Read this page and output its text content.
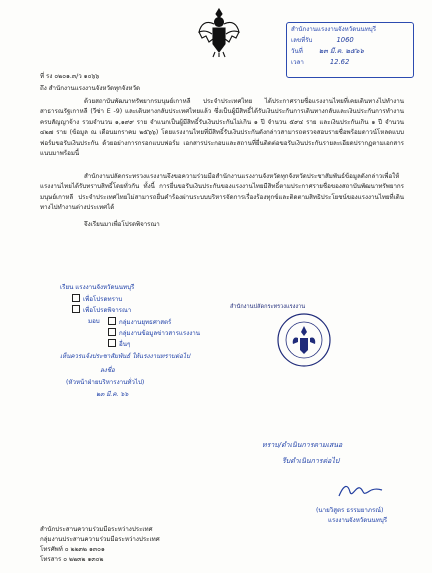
สำนักงานแรงงานจังหวัดนนทบุรี
เลขที่รับ	1060
วันที่ ๒๓ มี.ค. ๒๕๖๖
เวลา	12.62
ที่ รง ๐๒๐๑.๓/ว ๑๐๖๖
ถึง สำนักงานแรงงานจังหวัดทุกจังหวัด
ด้วยสถาบันพัฒนาทรัพยากรมนุษย์เกาหลี ประจำประเทศไทย ได้ประกาศรายชื่อแรงงานไทยที่เคยเดินทางไปทำงานสาธารณรัฐเกาหลี (วีซ่า E -9) และเดินทางกลับประเทศไทยแล้ว ซึ่งเป็นผู้มีสิทธิ์ได้รับเงินประกันการเดินทางกลับและเงินประกันการทำงานครบสัญญาจ้าง รวมจำนวน ๑,๑๙๙ ราย จำแนกเป็นผู้มีสิทธิ์รับเงินประกันไม่เกิน ๑ ปี จำนวน ๕๙๔ ราย และเงินประกันเกิน ๑ ปี จำนวน ๔๒๗ ราย (ข้อมูล ณ เดือนมกราคม ๒๕๖๖) โดยแรงงานไทยที่มีสิทธิ์รับเงินประกันดังกล่าวสามารถตรวจสอบรายชื่อพร้อมดาวน์โหลดแบบฟอร์มขอรับเงินประกัน ด้วยอย่างการกรอกแบบฟอร์ม เอกสารประกอบและสถานที่ยื่นติดต่อขอรับเงินประกันรายละเอียดปรากฏตามเอกสารแนบมาพร้อมนี้
สำนักงานปลัดกระทรวงแรงงานจึงขอความร่วมมือสำนักงานแรงงานจังหวัดทุกจังหวัดประชาสัมพันธ์ข้อมูลดังกล่าวเพื่อให้แรงงานไทยได้รับทราบสิทธิ์โดยทั่วกัน ทั้งนี้ การยื่นขอรับเงินประกันของแรงงานไทยมีสิทธิ์ตามประกาศรายชื่อของสถาบันพัฒนาทรัพยากรมนุษย์เกาหลี ประจำประเทศไทยไม่สามารถยื่นคำร้องผ่านระบบบริหารจัดการเรื่องร้องทุกข์และติดตามสิทธิประโยชน์ของแรงงานไทยที่เดินทางไปทำงานต่างประเทศได้
จึงเรียนมาเพื่อโปรดพิจารณา
เรียน แรงงานจังหวัดนนทบุรี
เพื่อโปรดทราบ
เพื่อโปรดพิจารณา
มอบ	กลุ่มงานยุทธศาสตร์
กลุ่มงานข้อมูลข่าวสารแรงงาน
อื่นๆ
เห็นควรแจ้งประชาสัมพันธ์ ให้แรงงานทราบต่อไป
ลงชื่อ
(หัวหน้าฝ่ายบริหารงานทั่วไป)
๒๓ มี.ค. ๖๖
สำนักงานปลัดกระทรวงแรงงาน
ทราบ/ดำเนินการตามเสนอ
รีบดำเนินการต่อไป
(นายวิสูตร ธรรมยาภรณ์)
แรงงานจังหวัดนนทบุรี
สำนักประสานความร่วมมือระหว่างประเทศ
กลุ่มงานประสานความร่วมมือระหว่างประเทศ
โทรศัพท์ ๐ ๒๒๓๒ ๑๓๐๑
โทรสาร ๐ ๒๒๓๒ ๑๓๐๒
